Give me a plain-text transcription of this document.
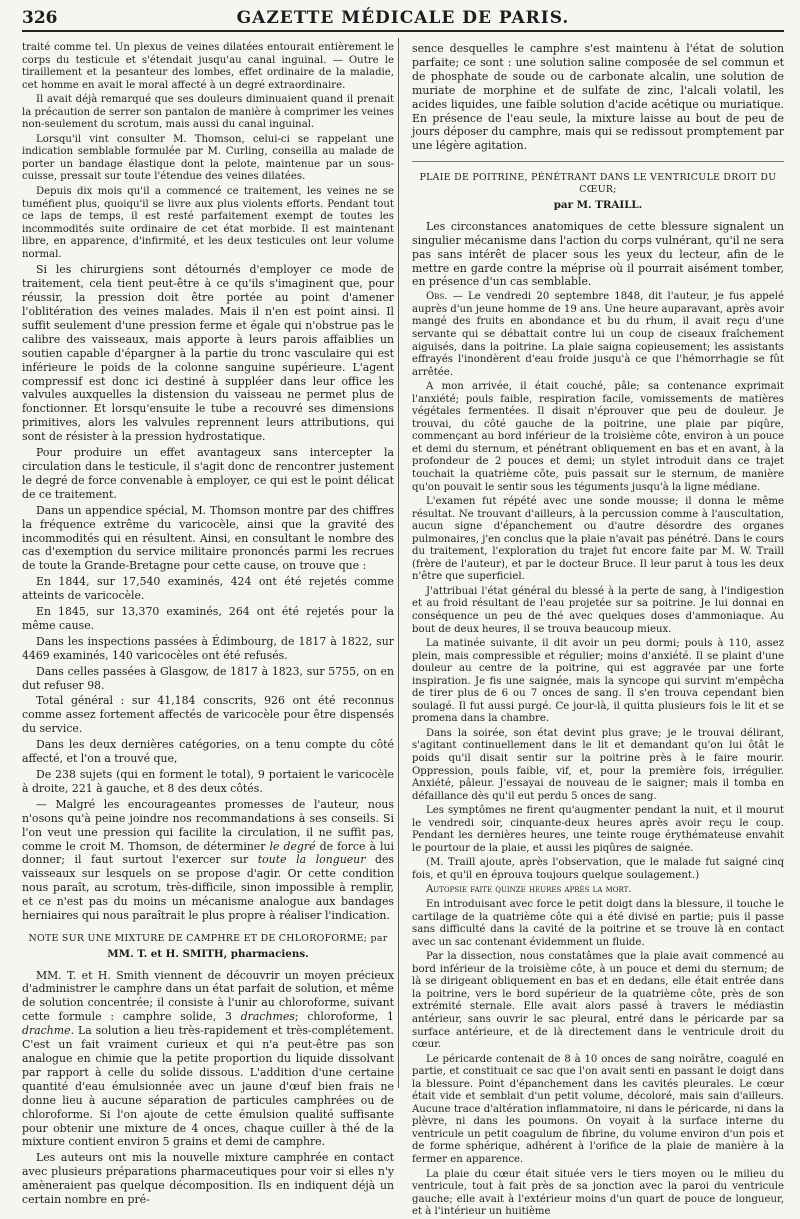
326	GAZETTE MÉDICALE DE PARIS.

traité comme tel. Un plexus de veines dilatées entourait entièrement le corps du testicule et s'étendait jusqu'au canal inguinal. — Outre le tiraillement et la pesanteur des lombes, effet ordinaire de la maladie, cet homme en avait le moral affecté à un degré extraordinaire.

Il avait déjà remarqué que ses douleurs diminuaient quand il prenait la précaution de serrer son pantalon de manière à comprimer les veines non-seulement du scrotum, mais aussi du canal inguinal.

Lorsqu'il vint consulter M. Thomson, celui-ci se rappelant une indication semblable formulée par M. Curling, conseilla au malade de porter un bandage élastique dont la pelote, maintenue par un sous-cuisse, pressait sur toute l'étendue des veines dilatées.

Depuis dix mois qu'il a commencé ce traitement, les veines ne se tuméfient plus, quoiqu'il se livre aux plus violents efforts. Pendant tout ce laps de temps, il est resté parfaitement exempt de toutes les incommodités suite ordinaire de cet état morbide. Il est maintenant libre, en apparence, d'infirmité, et les deux testicules ont leur volume normal.

Si les chirurgiens sont détournés d'employer ce mode de traitement, cela tient peut-être à ce qu'ils s'imaginent que, pour réussir, la pression doit être portée au point d'amener l'oblitération des veines malades. Mais il n'en est point ainsi. Il suffit seulement d'une pression ferme et égale qui n'obstrue pas le calibre des vaisseaux, mais apporte à leurs parois affaiblies un soutien capable d'épargner à la partie du tronc vasculaire qui est inférieure le poids de la colonne sanguine supérieure. L'agent compressif est donc ici destiné à suppléer dans leur office les valvules auxquelles la distension du vaisseau ne permet plus de fonctionner. Et lorsqu'ensuite le tube a recouvré ses dimensions primitives, alors les valvules reprennent leurs attributions, qui sont de résister à la pression hydrostatique.

Pour produire un effet avantageux sans intercepter la circulation dans le testicule, il s'agit donc de rencontrer justement le degré de force convenable à employer, ce qui est le point délicat de ce traitement.

Dans un appendice spécial, M. Thomson montre par des chiffres la fréquence extrême du varicocèle, ainsi que la gravité des incommodités qui en résultent. Ainsi, en consultant le nombre des cas d'exemption du service militaire prononcés parmi les recrues de toute la Grande-Bretagne pour cette cause, on trouve que :

En 1844, sur 17,540 examinés, 424 ont été rejetés comme atteints de varicocèle.

En 1845, sur 13,370 examinés, 264 ont été rejetés pour la même cause.

Dans les inspections passées à Édimbourg, de 1817 à 1822, sur 4469 examinés, 140 varicocèles ont été refusés.

Dans celles passées à Glasgow, de 1817 à 1823, sur 5755, on en dut refuser 98.

Total général : sur 41,184 conscrits, 926 ont été reconnus comme assez fortement affectés de varicocèle pour être dispensés du service.

Dans les deux dernières catégories, on a tenu compte du côté affecté, et l'on a trouvé que,

De 238 sujets (qui en forment le total), 9 portaient le varicocèle à droite, 221 à gauche, et 8 des deux côtés.

— Malgré les encourageantes promesses de l'auteur, nous n'osons qu'à peine joindre nos recommandations à ses conseils. Si l'on veut une pression qui facilite la circulation, il ne suffit pas, comme le croit M. Thomson, de déterminer le degré de force à lui donner; il faut surtout l'exercer sur toute la longueur des vaisseaux sur lesquels on se propose d'agir. Or cette condition nous paraît, au scrotum, très-difficile, sinon impossible à remplir, et ce n'est pas du moins un mécanisme analogue aux bandages herniaires qui nous paraîtrait le plus propre à réaliser l'indication.

NOTE SUR UNE MIXTURE DE CAMPHRE ET DE CHLOROFORME; par
MM. T. et H. SMITH, pharmaciens.

MM. T. et H. Smith viennent de découvrir un moyen précieux d'administrer le camphre dans un état parfait de solution, et même de solution concentrée; il consiste à l'unir au chloroforme, suivant cette formule : camphre solide, 3 drachmes; chloroforme, 1 drachme. La solution a lieu très-rapidement et très-complétement. C'est un fait vraiment curieux et qui n'a peut-être pas son analogue en chimie que la petite proportion du liquide dissolvant par rapport à celle du solide dissous. L'addition d'une certaine quantité d'eau émulsionnée avec un jaune d'œuf bien frais ne donne lieu à aucune séparation de particules camphrées ou de chloroforme. Si l'on ajoute de cette émulsion qualité suffisante pour obtenir une mixture de 4 onces, chaque cuiller à thé de la mixture contient environ 5 grains et demi de camphre.

Les auteurs ont mis la nouvelle mixture camphrée en contact avec plusieurs préparations pharmaceutiques pour voir si elles n'y amèneraient pas quelque décomposition. Ils en indiquent déjà un certain nombre en pré-

sence desquelles le camphre s'est maintenu à l'état de solution parfaite; ce sont : une solution saline composée de sel commun et de phosphate de soude ou de carbonate alcalin, une solution de muriate de morphine et de sulfate de zinc, l'alcali volatil, les acides liquides, une faible solution d'acide acétique ou muriatique. En présence de l'eau seule, la mixture laisse au bout de peu de jours déposer du camphre, mais qui se redissout promptement par une légère agitation.

PLAIE DE POITRINE, PÉNÉTRANT DANS LE VENTRICULE DROIT DU CŒUR;
par M. TRAILL.

Les circonstances anatomiques de cette blessure signalent un singulier mécanisme dans l'action du corps vulnérant, qu'il ne sera pas sans intérêt de placer sous les yeux du lecteur, afin de le mettre en garde contre la méprise où il pourrait aisément tomber, en présence d'un cas semblable.

Obs. — Le vendredi 20 septembre 1848, dit l'auteur, je fus appelé auprès d'un jeune homme de 19 ans. Une heure auparavant, après avoir mangé des fruits en abondance et bu du rhum, il avait reçu d'une servante qui se débattait contre lui un coup de ciseaux fraîchement aiguisés, dans la poitrine. La plaie saigna copieusement; les assistants effrayés l'inondèrent d'eau froide jusqu'à ce que l'hémorrhagie se fût arrêtée.

A mon arrivée, il était couché, pâle; sa contenance exprimait l'anxiété; pouls faible, respiration facile, vomissements de matières végétales fermentées. Il disait n'éprouver que peu de douleur. Je trouvai, du côté gauche de la poitrine, une plaie par piqûre, commençant au bord inférieur de la troisième côte, environ à un pouce et demi du sternum, et pénétrant obliquement en bas et en avant, à la profondeur de 2 pouces et demi; un stylet introduit dans ce trajet touchait la quatrième côte, puis passait sur le sternum, de manière qu'on pouvait le sentir sous les téguments jusqu'à la ligne médiane.

L'examen fut répété avec une sonde mousse; il donna le même résultat. Ne trouvant d'ailleurs, à la percussion comme à l'auscultation, aucun signe d'épanchement ou d'autre désordre des organes pulmonaires, j'en conclus que la plaie n'avait pas pénétré. Dans le cours du traitement, l'exploration du trajet fut encore faite par M. W. Traill (frère de l'auteur), et par le docteur Bruce. Il leur parut à tous les deux n'être que superficiel.

J'attribuai l'état général du blessé à la perte de sang, à l'indigestion et au froid résultant de l'eau projetée sur sa poitrine. Je lui donnai en conséquence un peu de thé avec quelques doses d'ammoniaque. Au bout de deux heures, il se trouva beaucoup mieux.

La matinée suivante, il dit avoir un peu dormi; pouls à 110, assez plein, mais compressible et régulier; moins d'anxiété. Il se plaint d'une douleur au centre de la poitrine, qui est aggravée par une forte inspiration. Je fis une saignée, mais la syncope qui survint m'empêcha de tirer plus de 6 ou 7 onces de sang. Il s'en trouva cependant bien soulagé. Il fut aussi purgé. Ce jour-là, il quitta plusieurs fois le lit et se promena dans la chambre.

Dans la soirée, son état devint plus grave; je le trouvai délirant, s'agitant continuellement dans le lit et demandant qu'on lui ôtât le poids qu'il disait sentir sur la poitrine près à le faire mourir. Oppression, pouls faible, vif, et, pour la première fois, irrégulier. Anxiété, pâleur. J'essayai de nouveau de le saigner; mais il tomba en défaillance dès qu'il eut perdu 5 onces de sang.

Les symptômes ne firent qu'augmenter pendant la nuit, et il mourut le vendredi soir, cinquante-deux heures après avoir reçu le coup. Pendant les dernières heures, une teinte rouge érythémateuse envahit le pourtour de la plaie, et aussi les piqûres de saignée.

(M. Traill ajoute, après l'observation, que le malade fut saigné cinq fois, et qu'il en éprouva toujours quelque soulagement.)

Autopsie faite quinze heures après la mort.

En introduisant avec force le petit doigt dans la blessure, il touche le cartilage de la quatrième côte qui a été divisé en partie; puis il passe sans difficulté dans la cavité de la poitrine et se trouve là en contact avec un sac contenant évidemment un fluide.

Par la dissection, nous constatâmes que la plaie avait commencé au bord inférieur de la troisième côte, à un pouce et demi du sternum; de là se dirigeant obliquement en bas et en dedans, elle était entrée dans la poitrine, vers le bord supérieur de la quatrième côte, près de son extrémité sternale. Elle avait alors passé à travers le médiastin antérieur, sans ouvrir le sac pleural, entré dans le péricarde par sa surface antérieure, et de là directement dans le ventricule droit du cœur.

Le péricarde contenait de 8 à 10 onces de sang noirâtre, coagulé en partie, et constituait ce sac que l'on avait senti en passant le doigt dans la blessure. Point d'épanchement dans les cavités pleurales. Le cœur était vide et semblait d'un petit volume, décoloré, mais sain d'ailleurs. Aucune trace d'altération inflammatoire, ni dans le péricarde, ni dans la plèvre, ni dans les poumons. On voyait à la surface interne du ventricule un petit coagulum de fibrine, du volume environ d'un pois et de forme sphérique, adhérent à l'orifice de la plaie de manière à la fermer en apparence.

La plaie du cœur était située vers le tiers moyen ou le milieu du ventricule, tout à fait près de sa jonction avec la paroi du ventricule gauche; elle avait à l'extérieur moins d'un quart de pouce de longueur, et à l'intérieur un huitième
